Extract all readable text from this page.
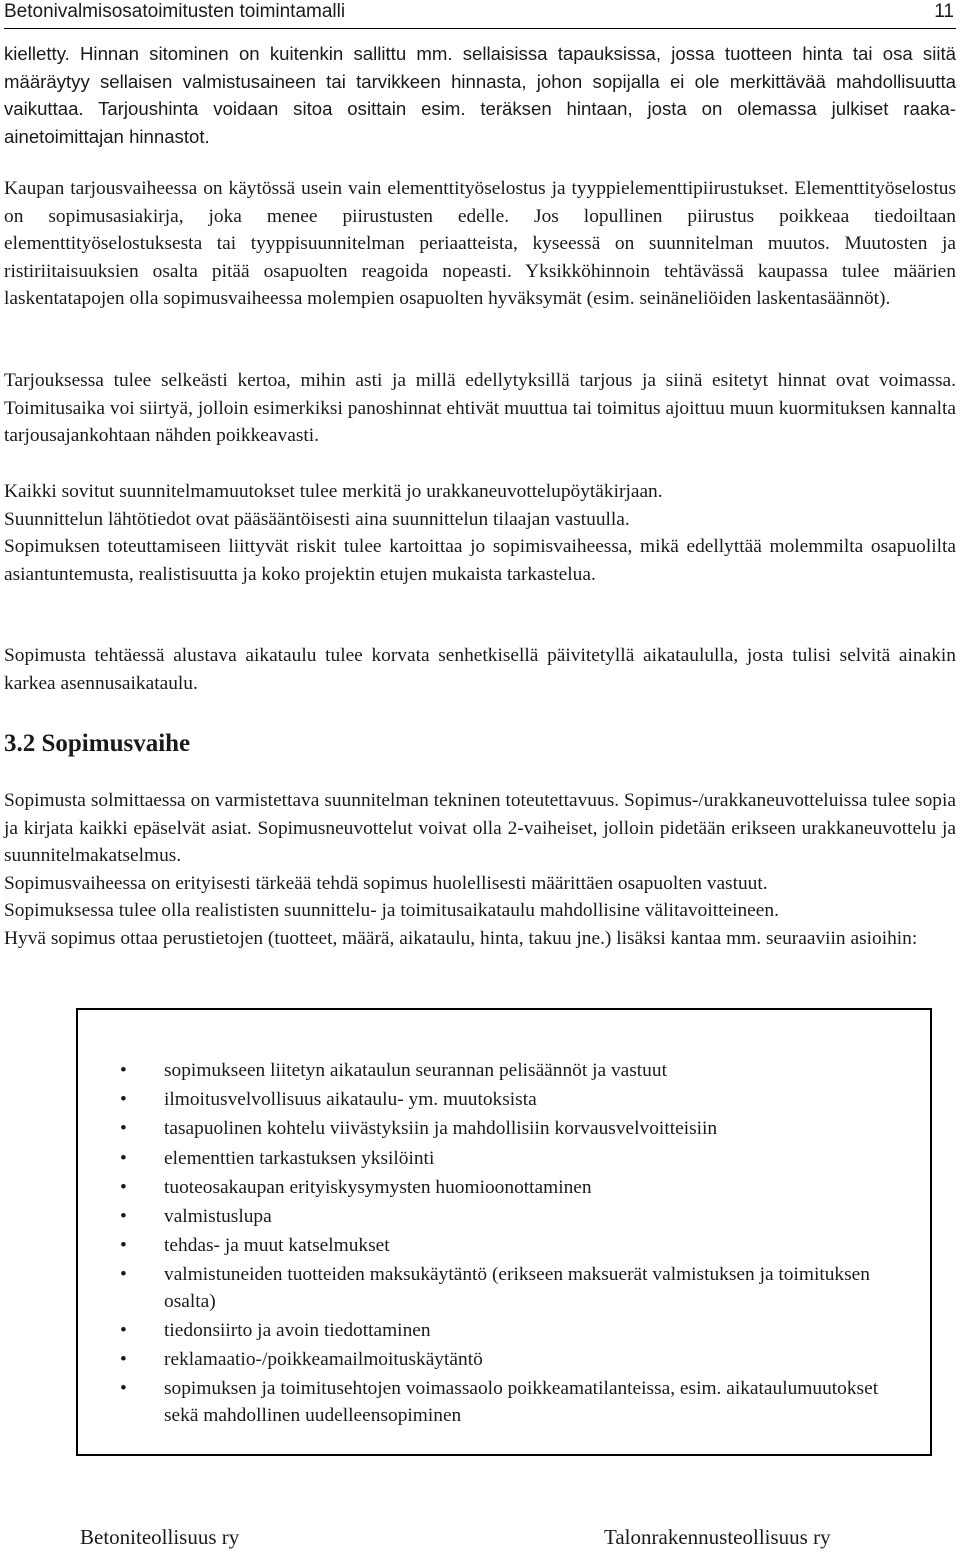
Betonivalmisosatoimitusten toimintamalli	11

kielletty. Hinnan sitominen on kuitenkin sallittu mm. sellaisissa tapauksissa, jossa tuotteen hinta tai osa siitä määräytyy sellaisen valmistusaineen tai tarvikkeen hinnasta, johon sopijalla ei ole merkittävää mahdollisuutta vaikuttaa. Tarjoushinta voidaan sitoa osittain esim. teräksen hintaan, josta on olemassa julkiset raaka- ainetoimittajan hinnastot.

Kaupan tarjousvaiheessa on käytössä usein vain elementtityöselostus ja tyyppielementtipiirustukset. Elementtityöselostus on sopimusasiakirja, joka menee piirustusten edelle. Jos lopullinen piirustus poikkeaa tiedoiltaan elementtityöselostuksesta tai tyyppisuunnitelman periaatteista, kyseessä on suunnitelman muutos. Muutosten ja ristiriitaisuuksien osalta pitää osapuolten reagoida nopeasti. Yksikköhinnoin tehtävässä kaupassa tulee määrien laskentatapojen olla sopimusvaiheessa molempien osapuolten hyväksymät (esim. seinäneliöiden laskentasäännöt).

Tarjouksessa tulee selkeästi kertoa, mihin asti ja millä edellytyksillä tarjous ja siinä esitetyt hinnat ovat voimassa. Toimitusaika voi siirtyä, jolloin esimerkiksi panoshinnat ehtivät muuttua tai toimitus ajoittuu muun kuormituksen kannalta tarjousajankohtaan nähden poikkeavasti.

Kaikki sovitut suunnitelmamuutokset tulee merkitä jo urakkaneuvottelupöytäkirjaan.

Suunnittelun lähtötiedot ovat pääsääntöisesti aina suunnittelun tilaajan vastuulla.

Sopimuksen toteuttamiseen liittyvät riskit tulee kartoittaa jo sopimisvaiheessa, mikä edellyttää molemmilta osapuolilta asiantuntemusta, realistisuutta ja koko projektin etujen mukaista tarkastelua.

Sopimusta tehtäessä alustava aikataulu tulee korvata senhetkisellä päivitetyllä aikataululla, josta tulisi selvitä ainakin karkea asennusaikataulu.

3.2 Sopimusvaihe

Sopimusta solmittaessa on varmistettava suunnitelman tekninen toteutettavuus. Sopimus-/urakkaneuvotteluissa tulee sopia ja kirjata kaikki epäselvät asiat. Sopimusneuvottelut voivat olla 2-vaiheiset, jolloin pidetään erikseen urakkaneuvottelu ja suunnitelmakatselmus.

Sopimusvaiheessa on erityisesti tärkeää tehdä sopimus huolellisesti määrittäen osapuolten vastuut.

Sopimuksessa tulee olla realististen suunnittelu- ja toimitusaikataulu mahdollisine välitavoitteineen.

Hyvä sopimus ottaa perustietojen (tuotteet, määrä, aikataulu, hinta, takuu jne.) lisäksi kantaa mm. seuraaviin asioihin:

• sopimukseen liitetyn aikataulun seurannan pelisäännöt ja vastuut
• ilmoitusvelvollisuus aikataulu- ym. muutoksista
• tasapuolinen kohtelu viivästyksiin ja mahdollisiin korvausvelvoitteisiin
• elementtien tarkastuksen yksilöinti
• tuoteosakaupan erityiskysymysten huomioonottaminen
• valmistuslupa
• tehdas- ja muut katselmukset
• valmistuneiden tuotteiden maksukäytäntö (erikseen maksuerät valmistuksen ja toimituksen osalta)
• tiedonsiirto ja avoin tiedottaminen
• reklamaatio-/poikkeamailmoituskäytäntö
• sopimuksen ja toimitusehtojen voimassaolo poikkeamatilanteissa, esim. aikataulumuutokset sekä mahdollinen uudelleensopiminen
Betoniteollisuus ry	Talonrakennusteollisuus ry
